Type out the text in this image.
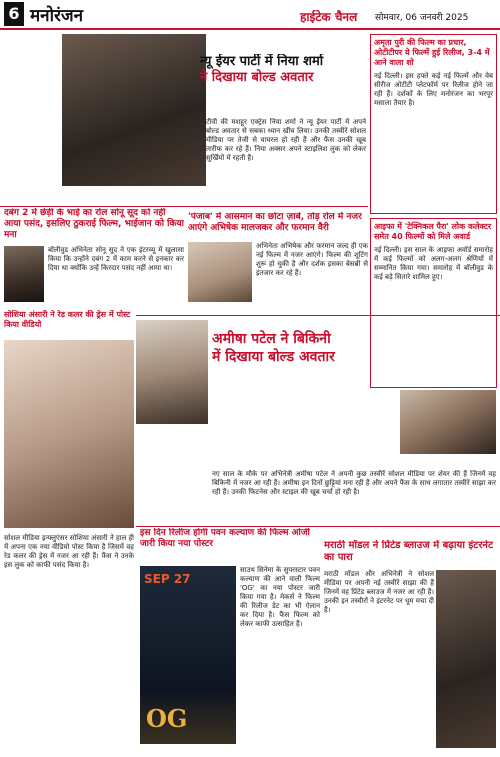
6 मनोरंजन	हाईटेक चैनल सोमवार, 06 जनवरी 2025
न्यू ईयर पार्टी में निया शर्मा
ने दिखाया बोल्ड अवतार
टीवी की मशहूर एक्ट्रेस निया शर्मा ने न्यू ईयर पार्टी में अपने बोल्ड अवतार से सबका ध्यान खींच लिया। उनकी तस्वीरें सोशल मीडिया पर तेजी से वायरल हो रही हैं और फैंस उनकी खूब तारीफ कर रहे हैं। निया अक्सर अपने स्टाइलिश लुक को लेकर सुर्खियों में रहती हैं।
अमृता पुरी की फिल्म का प्रचार, ओटीटीपर ये फिल्में हुई रिलीज, 3-4 में आने वाला शो
नई दिल्ली। इस हफ्ते कई नई फिल्में और वेब सीरीज ओटीटी प्लेटफॉर्म पर रिलीज होने जा रही हैं। दर्शकों के लिए मनोरंजन का भरपूर मसाला तैयार है।
आइफा में 'टेक्निकल पैरा' लोक कलेक्टर समेत 40 फिल्मों को मिले अवार्ड
नई दिल्ली। इस साल के आइफा अवॉर्ड समारोह में कई फिल्मों को अलग-अलग श्रेणियों में सम्मानित किया गया। समारोह में बॉलीवुड के कई बड़े सितारे शामिल हुए।
दबंग 2 में छेड़ी के भाई का रोल सोनू सूद को नहीं आया पसंद, इसलिए ठुकराई फिल्म, भाईजान को किया मना
बॉलीवुड अभिनेता सोनू सूद ने एक इंटरव्यू में खुलासा किया कि उन्होंने दबंग 2 में काम करने से इनकार कर दिया था क्योंकि उन्हें किरदार पसंद नहीं आया था।
'पंजाब' में आसमान का छोटा ज़ाबे, तोड़ रोल में नजर आएंगे अभिषेक मालजकर और फरमान वैरी
अभिनेता अभिषेक और फरमान जल्द ही एक नई फिल्म में नजर आएंगे। फिल्म की शूटिंग शुरू हो चुकी है और दर्शक इसका बेसब्री से इंतजार कर रहे हैं।
सोशिया अंसारी ने रेड कलर की ड्रेस में पोस्ट किया वीडियो
सोशल मीडिया इन्फ्लुएंसर सोशिया अंसारी ने हाल ही में अपना एक नया वीडियो पोस्ट किया है जिसमें वह रेड कलर की ड्रेस में नजर आ रही हैं। फैंस ने उनके इस लुक को काफी पसंद किया है।
अमीषा पटेल ने बिकिनी
में दिखाया बोल्ड अवतार
नए साल के मौके पर अभिनेत्री अमीषा पटेल ने अपनी कुछ तस्वीरें सोशल मीडिया पर शेयर की हैं जिनमें वह बिकिनी में नजर आ रही हैं। अमीषा इन दिनों छुट्टियां मना रही हैं और अपने फैंस के साथ लगातार तस्वीरें साझा कर रही हैं। उनकी फिटनेस और स्टाइल की खूब चर्चा हो रही है।
इस दिन रिलीज होगी पवन कल्याण की फिल्म ओजी जारी किया नया पोस्टर
SEP 27
OG
साउथ सिनेमा के सुपरस्टार पवन कल्याण की आने वाली फिल्म 'OG' का नया पोस्टर जारी किया गया है। मेकर्स ने फिल्म की रिलीज डेट का भी ऐलान कर दिया है। फैंस फिल्म को लेकर काफी उत्साहित हैं।
मराठी मॉडल ने प्रिंटेड ब्लाउज में बढ़ाया इंटरनेट का पारा
मराठी मॉडल और अभिनेत्री ने सोशल मीडिया पर अपनी नई तस्वीरें साझा की हैं जिनमें वह प्रिंटेड ब्लाउज में नजर आ रही हैं। उनकी इन तस्वीरों ने इंटरनेट पर धूम मचा दी है।
